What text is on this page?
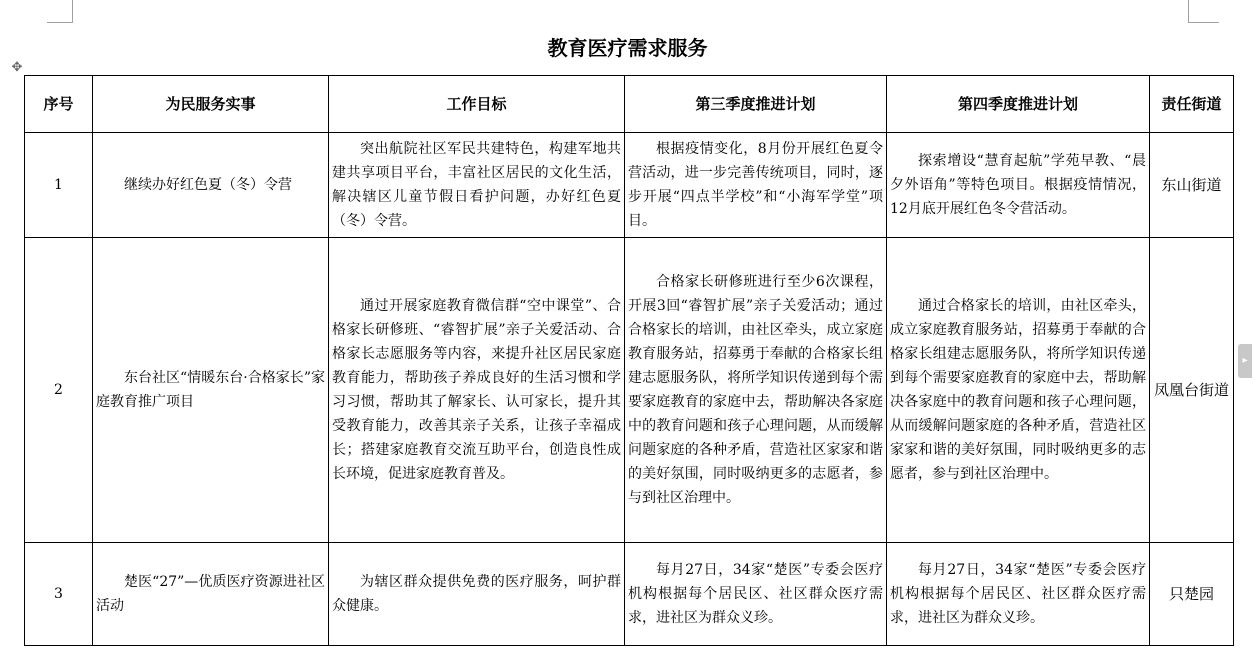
✥
▸
教育医疗需求服务
序号	为民服务实事	工作目标	第三季度推进计划	第四季度推进计划	责任街道
1	继续办好红色夏（冬）令营	突出航院社区军民共建特色，构建军地共建共享项目平台，丰富社区居民的文化生活，解决辖区儿童节假日看护问题，办好红色夏（冬）令营。	根据疫情变化，8月份开展红色夏令营活动，进一步完善传统项目，同时，逐步开展“四点半学校”和“小海军学堂”项目。	探索增设“慧育起航”学苑早教、“晨夕外语角”等特色项目。根据疫情情况，12月底开展红色冬令营活动。	东山街道
2	东台社区“情暖东台·合格家长”家庭教育推广项目	通过开展家庭教育微信群“空中课堂”、合格家长研修班、“睿智扩展”亲子关爱活动、合格家长志愿服务等内容，来提升社区居民家庭教育能力，帮助孩子养成良好的生活习惯和学习习惯，帮助其了解家长、认可家长，提升其受教育能力，改善其亲子关系，让孩子幸福成长；搭建家庭教育交流互助平台，创造良性成长环境，促进家庭教育普及。	合格家长研修班进行至少6次课程，开展3回“睿智扩展”亲子关爱活动；通过合格家长的培训，由社区牵头，成立家庭教育服务站，招募勇于奉献的合格家长组建志愿服务队，将所学知识传递到每个需要家庭教育的家庭中去，帮助解决各家庭中的教育问题和孩子心理问题，从而缓解问题家庭的各种矛盾，营造社区家家和谐的美好氛围，同时吸纳更多的志愿者，参与到社区治理中。	通过合格家长的培训，由社区牵头，成立家庭教育服务站，招募勇于奉献的合格家长组建志愿服务队，将所学知识传递到每个需要家庭教育的家庭中去，帮助解决各家庭中的教育问题和孩子心理问题，从而缓解问题家庭的各种矛盾，营造社区家家和谐的美好氛围，同时吸纳更多的志愿者，参与到社区治理中。	凤凰台街道
3	楚医“27”—优质医疗资源进社区活动	为辖区群众提供免费的医疗服务，呵护群众健康。	每月27日，34家“楚医”专委会医疗机构根据每个居民区、社区群众医疗需求，进社区为群众义珍。	每月27日，34家“楚医”专委会医疗机构根据每个居民区、社区群众医疗需求，进社区为群众义珍。	只楚园
